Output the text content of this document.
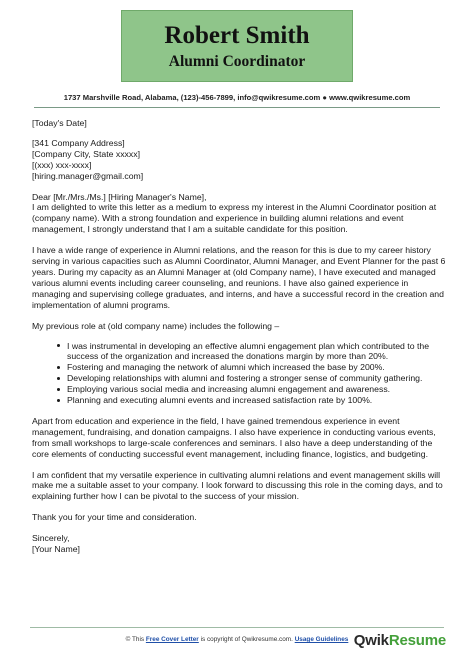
Robert Smith
Alumni Coordinator
1737 Marshville Road, Alabama, (123)-456-7899, info@qwikresume.com ● www.qwikresume.com

[Today's Date]

[341 Company Address]

[Company City, State xxxxx]

[(xxx) xxx-xxxx]

[hiring.manager@gmail.com]

Dear [Mr./Mrs./Ms.] [Hiring Manager's Name],

I am delighted to write this letter as a medium to express my interest in the Alumni Coordinator position at (company name). With a strong foundation and experience in building alumni relations and event management, I strongly understand that I am a suitable candidate for this position.

I have a wide range of experience in Alumni relations, and the reason for this is due to my career history serving in various capacities such as Alumni Coordinator, Alumni Manager, and Event Planner for the past 6 years. During my capacity as an Alumni Manager at (old Company name), I have executed and managed various alumni events including career counseling, and reunions. I have also gained experience in managing and supervising college graduates, and interns, and have a successful record in the creation and implementation of alumni programs.

My previous role at (old company name) includes the following –

I was instrumental in developing an effective alumni engagement plan which contributed to the success of the organization and increased the donations margin by more than 20%.
Fostering and managing the network of alumni which increased the base by 200%.
Developing relationships with alumni and fostering a stronger sense of community gathering.
Employing various social media and increasing alumni engagement and awareness.
Planning and executing alumni events and increased satisfaction rate by 100%.

Apart from education and experience in the field, I have gained tremendous experience in event management, fundraising, and donation campaigns. I also have experience in conducting various events, from small workshops to large-scale conferences and seminars. I also have a deep understanding of the core elements of conducting successful event management, including finance, logistics, and budgeting.

I am confident that my versatile experience in cultivating alumni relations and event management skills will make me a suitable asset to your company. I look forward to discussing this role in the coming days, and to explaining further how I can be pivotal to the success of your mission.

Thank you for your time and consideration.

Sincerely,

[Your Name]

© This Free Cover Letter is copyright of Qwikresume.com. Usage Guidelines QwikResume
